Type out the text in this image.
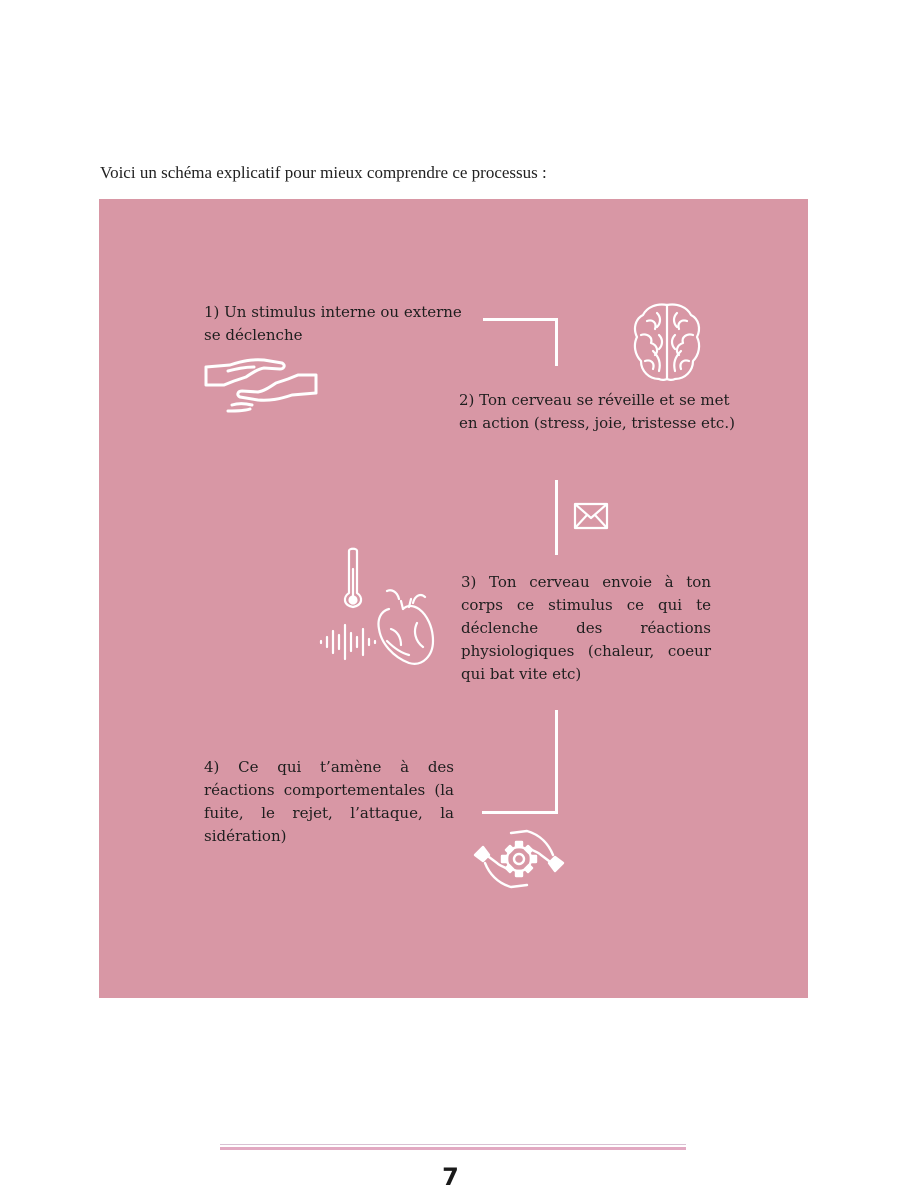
Voici un schéma explicatif pour mieux comprendre ce processus :
1) Un stimulus interne ou externe se déclenche
2) Ton cerveau se réveille et se met en action (stress, joie, tristesse etc.)
3) Ton cerveau envoie à ton corps ce stimulus ce qui te déclenche des réactions physiologiques (chaleur, coeur qui bat vite etc)
4) Ce qui t’amène à des réactions comportementales (la fuite, le rejet, l’attaque, la sidération)
7
